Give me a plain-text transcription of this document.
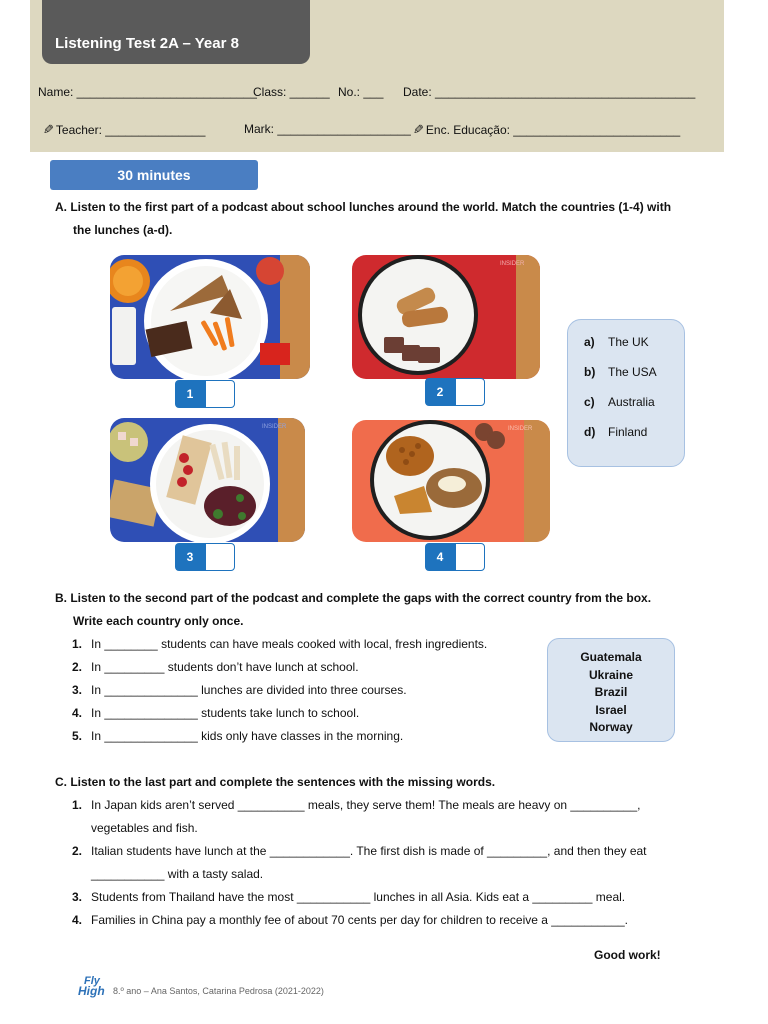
Listening Test 2A – Year 8
Name: ___________________________
Class: ______ No.: ___ Date: _______________________________________
✎ Teacher: _______________	Mark: ____________________ ✎ Enc. Educação: _________________________
30 minutes
A. Listen to the first part of a podcast about school lunches around the world. Match the countries (1-4) with
the lunches (a-d).
1
INSIDER
2
INSIDER
3
INSIDER
4
a) The UK
b) The USA
c) Australia
d) Finland
B. Listen to the second part of the podcast and complete the gaps with the correct country from the box.
Write each country only once.
1. In ________ students can have meals cooked with local, fresh ingredients.
2. In _________ students don’t have lunch at school.
3. In ______________ lunches are divided into three courses.
4. In ______________ students take lunch to school.
5. In ______________ kids only have classes in the morning.
Guatemala
Ukraine
Brazil
Israel
Norway
C. Listen to the last part and complete the sentences with the missing words.
1. In Japan kids aren’t served __________ meals, they serve them! The meals are heavy on __________,
vegetables and fish.
2. Italian students have lunch at the ____________. The first dish is made of _________, and then they eat
___________ with a tasty salad.
3. Students from Thailand have the most ___________ lunches in all Asia. Kids eat a _________ meal.
4. Families in China pay a monthly fee of about 70 cents per day for children to receive a ___________.
Good work!
Fly
High 8.º ano – Ana Santos, Catarina Pedrosa (2021-2022)
